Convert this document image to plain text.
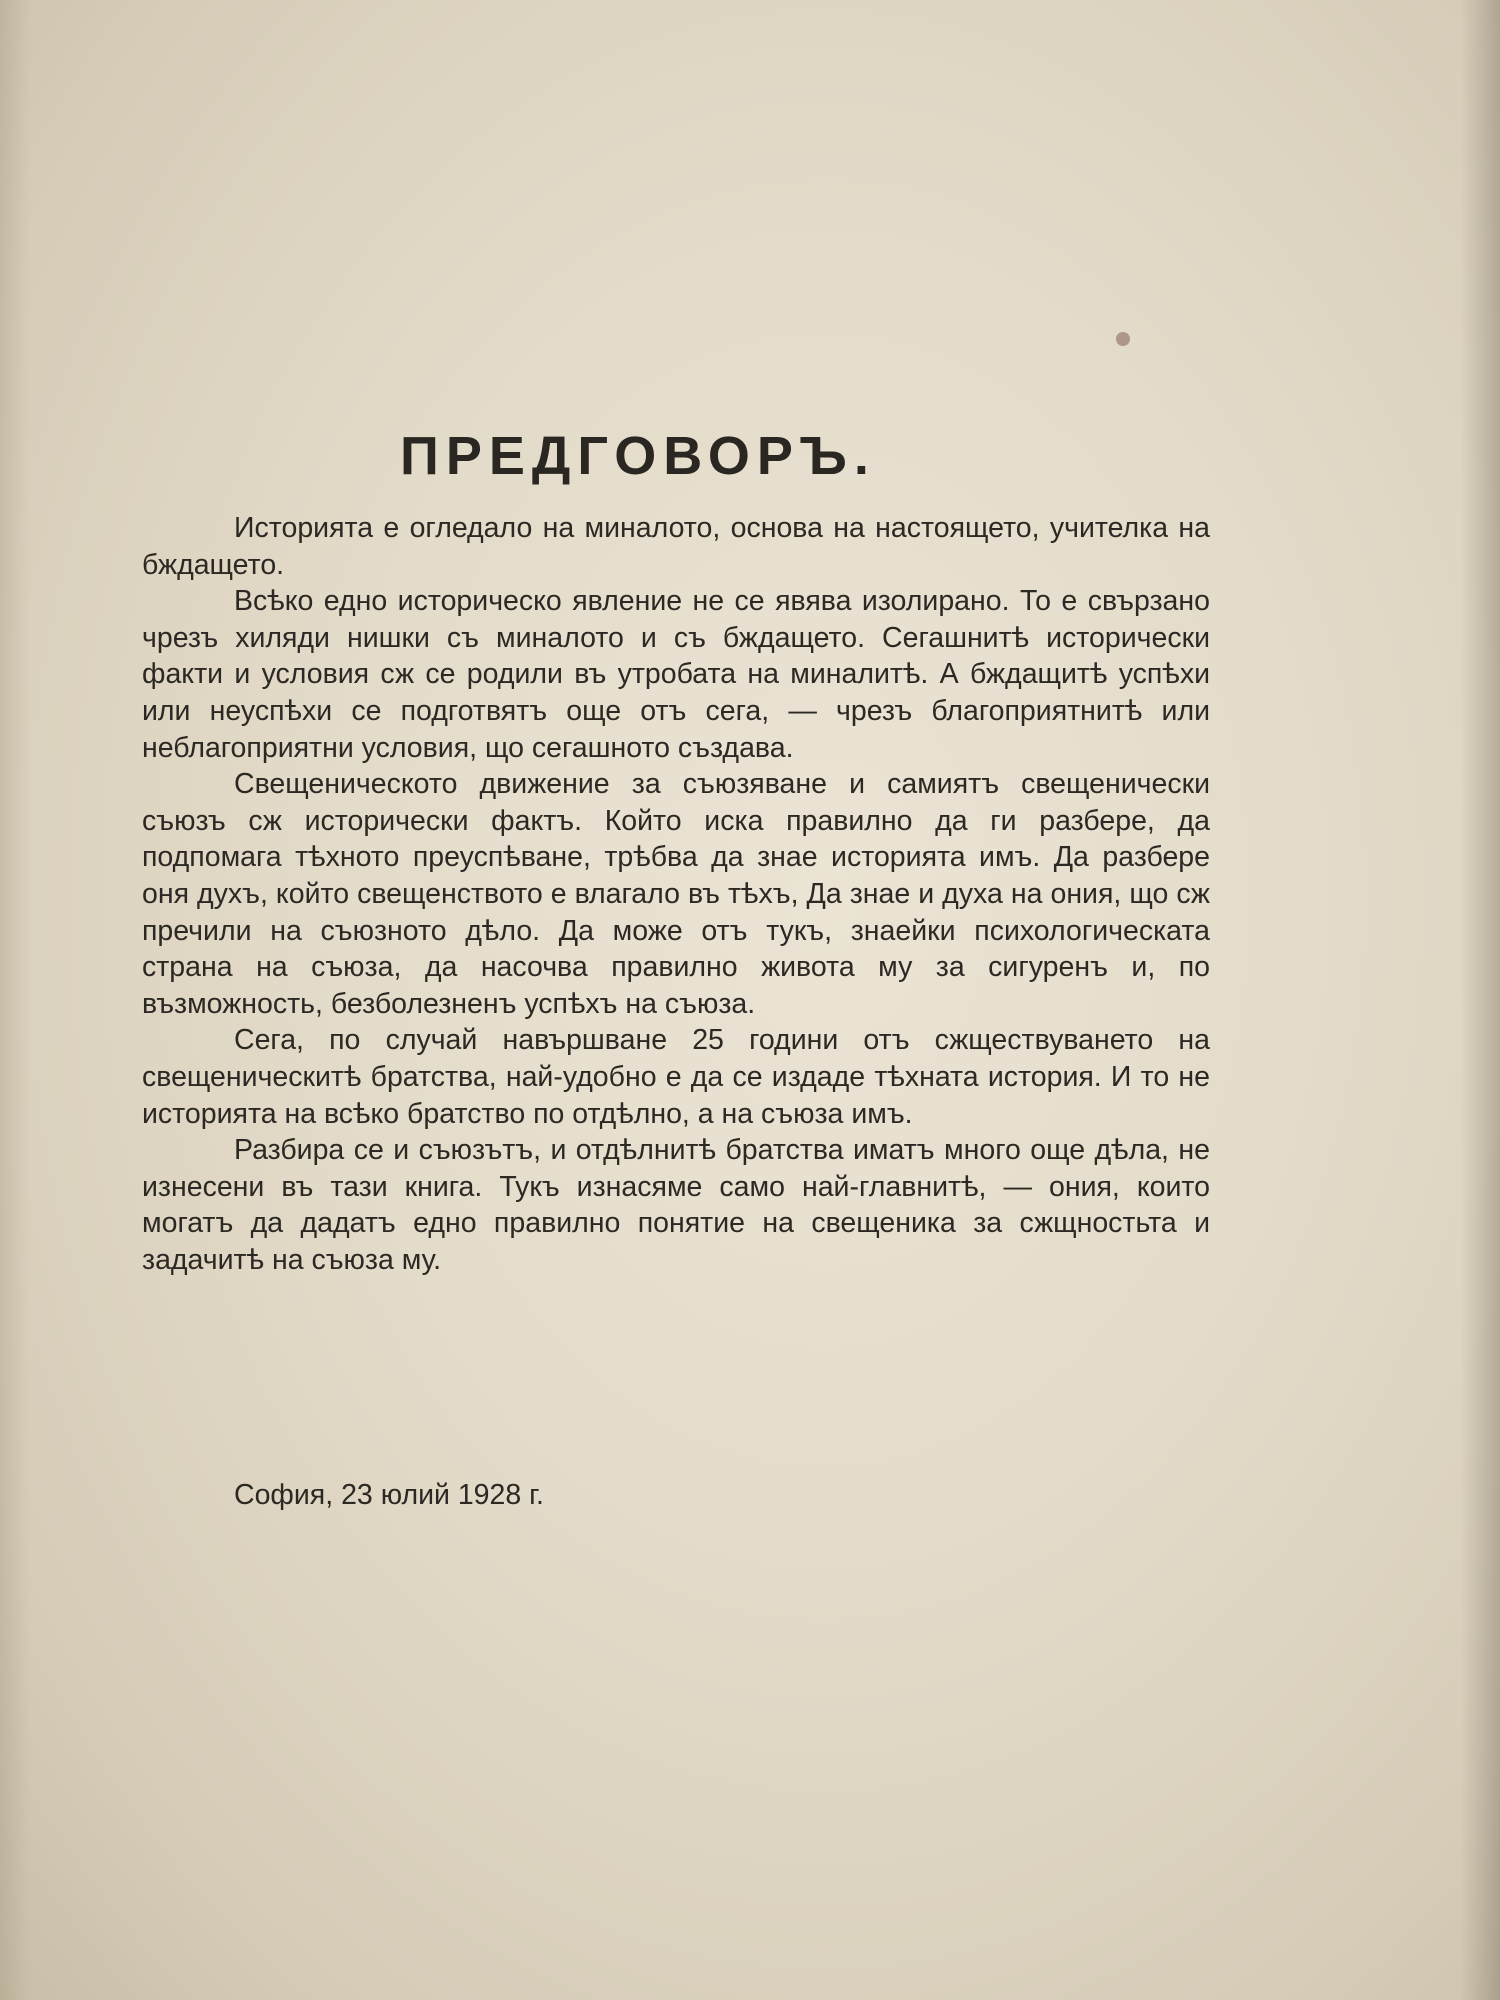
ПРЕДГОВОРЪ.

Историята е огледало на миналото, основа на настоящето, учителка на бждащето.

Всѣко едно историческо явление не се явява изолирано. То е свързано чрезъ хиляди нишки съ миналото и съ бждащето. Сегашнитѣ исторически факти и условия сж се родили въ утробата на миналитѣ. А бждащитѣ успѣхи или неуспѣхи се подготвятъ още отъ сега, — чрезъ благоприятнитѣ или неблагоприятни условия, що сегашното създава.

Свещеническото движение за съюзяване и самиятъ свещенически съюзъ сж исторически фактъ. Който иска правилно да ги разбере, да подпомага тѣхното преуспѣване, трѣбва да знае историята имъ. Да разбере оня духъ, който свещенството е влагало въ тѣхъ, Да знае и духа на ония, що сж пречили на съюзното дѣло. Да може отъ тукъ, знаейки психологическата страна на съюза, да насочва правилно живота му за сигуренъ и, по възможность, безболезненъ успѣхъ на съюза.

Сега, по случай навършване 25 години отъ сжществуването на свещеническитѣ братства, най-удобно е да се издаде тѣхната история. И то не историята на всѣко братство по отдѣлно, а на съюза имъ.

Разбира се и съюзътъ, и отдѣлнитѣ братства иматъ много още дѣла, не изнесени въ тази книга. Тукъ изнасяме само най-главнитѣ, — ония, които могатъ да дадатъ едно правилно понятие на свещеника за сжщностьта и задачитѣ на съюза му.

София, 23 юлий 1928 г.
